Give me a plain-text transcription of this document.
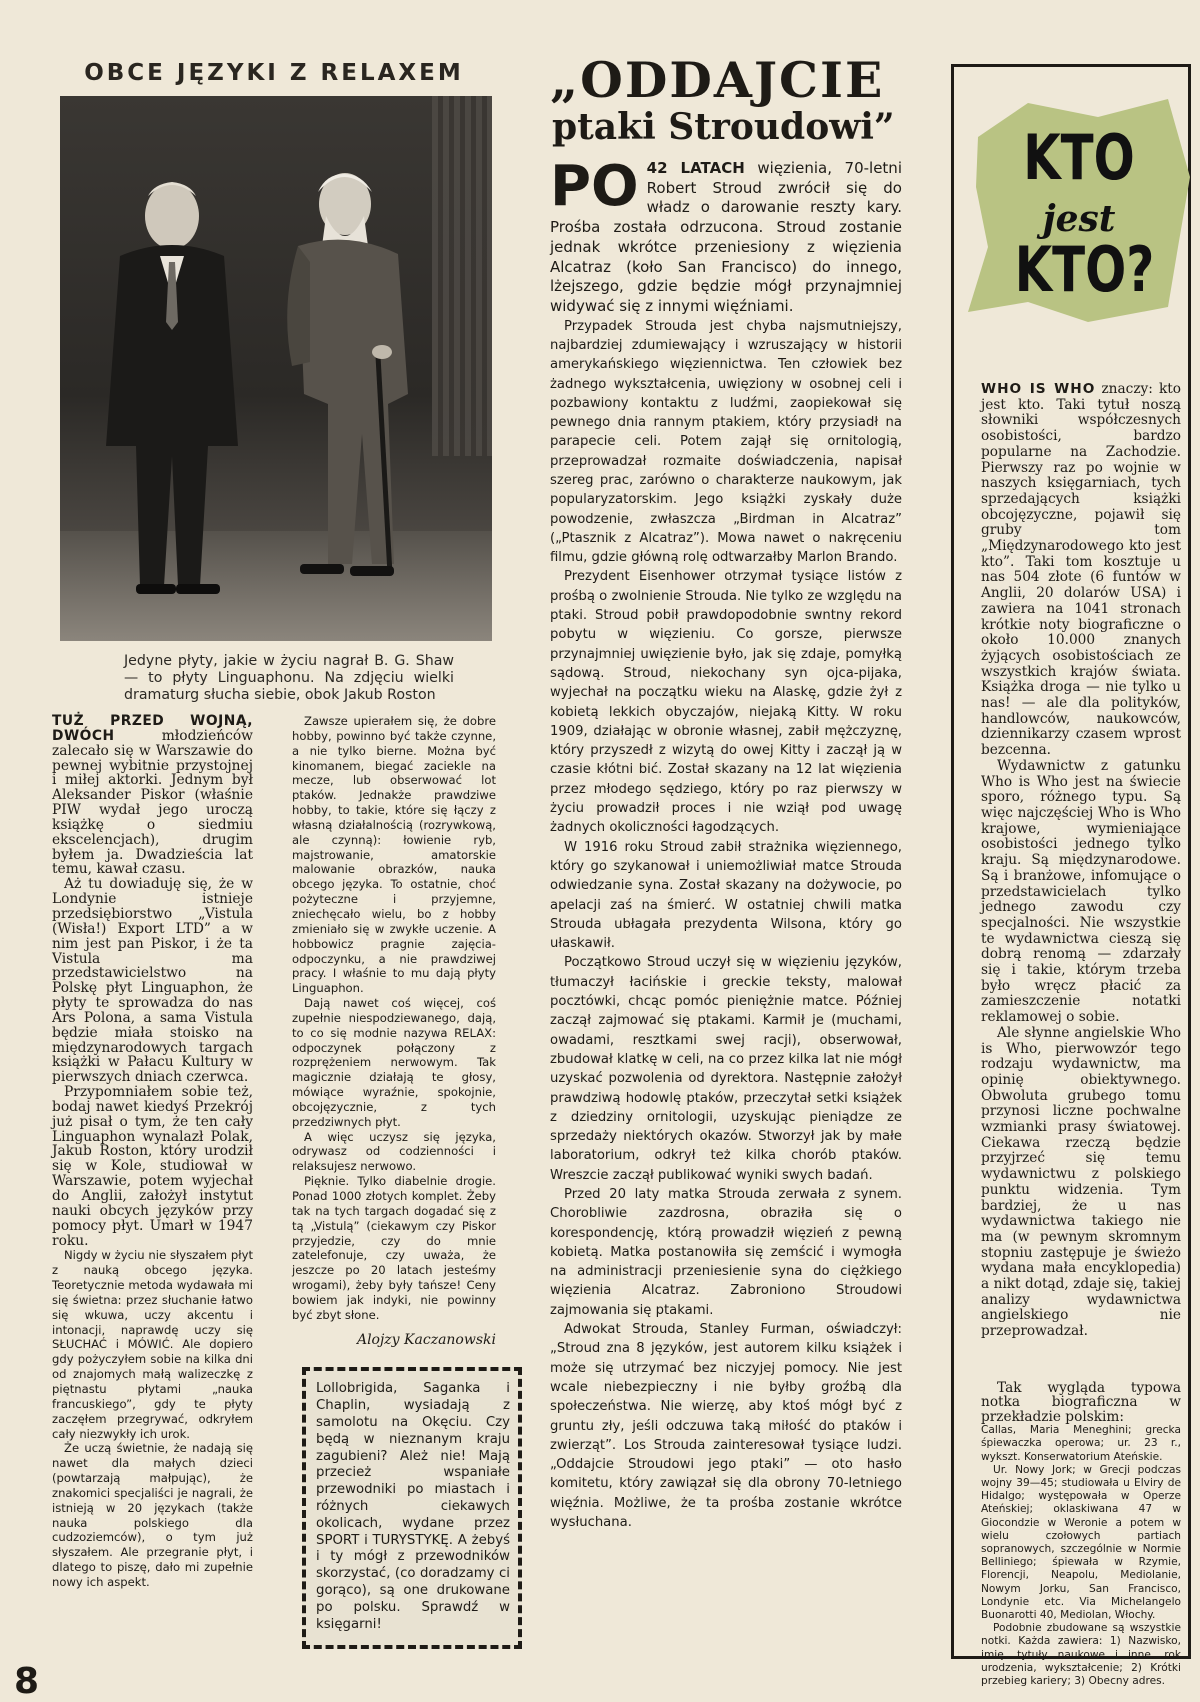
OBCE JĘZYKI Z RELAXEM
Jedyne płyty, jakie w życiu nagrał B. G. Shaw — to płyty Linguaphonu. Na zdjęciu wielki dramaturg słucha siebie, obok Jakub Roston

TUŻ PRZED WOJNĄ, DWÓCH	młodzieńców zalecało się w Warszawie do pewnej wybitnie przystojnej i miłej aktorki. Jednym był Aleksander Piskor (właśnie PIW wydał jego uroczą książkę o siedmiu ekscelencjach), drugim byłem ja. Dwadzieścia lat temu, kawał czasu.

Aż tu dowiaduję się, że w Londynie istnieje przedsiębiorstwo „Vistula (Wisła!) Export LTD” a w nim jest pan Piskor, i że ta Vistula ma przedstawicielstwo na Polskę płyt Linguaphon, że płyty te sprowadza do nas Ars Polona, a sama Vistula będzie miała stoisko na międzynarodowych targach książki w Pałacu Kultury w pierwszych dniach czerwca.

Przypomniałem sobie też, bodaj nawet kiedyś Przekrój już pisał o tym, że ten cały Linguaphon wynalazł Polak, Jakub Roston, który urodził się w Kole, studiował w Warszawie, potem wyjechał do Anglii, założył instytut nauki obcych języków przy pomocy płyt. Umarł w 1947 roku.

Nigdy w życiu nie słyszałem płyt z nauką obcego języka. Teoretycznie metoda wydawała mi się świetna: przez słuchanie łatwo się wkuwa, uczy akcentu i intonacji, naprawdę uczy się SŁUCHAĆ i MÓWIĆ. Ale dopiero gdy pożyczyłem sobie na kilka dni od znajomych małą walizeczkę z piętnastu płytami „nauka francuskiego”, gdy te płyty zaczęłem przegrywać, odkryłem cały niezwykły ich urok.

Że uczą świetnie, że nadają się nawet dla małych dzieci (powtarzają małpując), że znakomici specjaliści je nagrali, że istnieją w 20 językach (także nauka polskiego dla cudzoziemców), o tym już słyszałem. Ale przegranie płyt, i dlatego to piszę, dało mi zupełnie nowy ich aspekt.

Zawsze upierałem się, że dobre hobby, powinno być także czynne, a nie tylko bierne. Można być kinomanem, biegać zaciekle na mecze, lub obserwować lot ptaków. Jednakże prawdziwe hobby, to takie, które się łączy z własną działalnością (rozrywkową, ale czynną): łowienie ryb, majstrowanie, amatorskie malowanie obrazków, nauka obcego języka. To ostatnie, choć pożyteczne i przyjemne, zniechęcało wielu, bo z hobby zmieniało się w zwykłe uczenie. A hobbowicz pragnie zajęcia-odpoczynku, a nie prawdziwej pracy. I właśnie to mu dają płyty Linguaphon.

Dają nawet coś więcej, coś zupełnie niespodziewanego, dają, to co się modnie nazywa RELAX: odpoczynek połączony z rozprężeniem nerwowym. Tak magicznie działają te głosy, mówiące wyraźnie, spokojnie, obcojęzycznie, z tych przedziwnych płyt.

A więc uczysz się języka, odrywasz od codzienności i relaksujesz nerwowo.

Pięknie. Tylko diabelnie drogie. Ponad 1000 złotych komplet. Żeby tak na tych targach dogadać się z tą „Vistulą” (ciekawym czy Piskor przyjedzie, czy do mnie zatelefonuje, czy uważa, że jeszcze po 20 latach jesteśmy wrogami), żeby były tańsze! Ceny bowiem jak indyki, nie powinny być zbyt słone.

Alojzy Kaczanowski
Lollobrigida, Saganka i Chaplin, wysiadają z samolotu na Okęciu. Czy będą w nieznanym kraju zagubieni? Ależ nie! Mają przecież wspaniałe przewodniki po miastach i różnych ciekawych okolicach, wydane przez SPORT i TURYSTYKĘ. A żebyś i ty mógł z przewodników skorzystać, (co doradzamy ci gorąco), są one drukowane po polsku. Sprawdź w księgarni!
„ODDAJCIE
ptaki Stroudowi”

PO 42 LATACH więzienia, 70-letni Robert Stroud zwrócił się do władz o darowanie reszty kary. Prośba została odrzucona. Stroud zostanie jednak wkrótce przeniesiony z więzienia Alcatraz (koło San Francisco) do innego, lżejszego, gdzie będzie mógł przynajmniej widywać się z innymi więźniami.

Przypadek Strouda jest chyba najsmutniejszy, najbardziej zdumiewający i wzruszający w historii amerykańskiego więziennictwa. Ten człowiek bez żadnego wykształcenia, uwięziony w osobnej celi i pozbawiony kontaktu z ludźmi, zaopiekował się pewnego dnia rannym ptakiem, który przysiadł na parapecie celi. Potem zajął się ornitologią, przeprowadzał rozmaite doświadczenia, napisał szereg prac, zarówno o charakterze naukowym, jak popularyzatorskim. Jego książki zyskały duże powodzenie, zwłaszcza „Birdman in Alcatraz” („Ptasznik z Alcatraz”). Mowa nawet o nakręceniu filmu, gdzie główną rolę odtwarzałby Marlon Brando.

Prezydent Eisenhower otrzymał tysiące listów z prośbą o zwolnienie Strouda. Nie tylko ze względu na ptaki. Stroud pobił prawdopodobnie swntny rekord pobytu w więzieniu. Co gorsze, pierwsze przynajmniej uwięzienie było, jak się zdaje, pomyłką sądową. Stroud, niekochany syn ojca-pijaka, wyjechał na początku wieku na Alaskę, gdzie żył z kobietą lekkich obyczajów, niejaką Kitty. W roku 1909, działając w obronie własnej, zabił mężczyznę, który przyszedł z wizytą do owej Kitty i zaczął ją w czasie kłótni bić. Został skazany na 12 lat więzienia przez młodego sędziego, który po raz pierwszy w życiu prowadził proces i nie wziął pod uwagę żadnych okoliczności łagodzących.

W 1916 roku Stroud zabił strażnika więziennego, który go szykanował i uniemożliwiał matce Strouda odwiedzanie syna. Został skazany na dożywocie, po apelacji zaś na śmierć. W ostatniej chwili matka Strouda ubłagała prezydenta Wilsona, który go ułaskawił.

Początkowo Stroud uczył się w więzieniu języków, tłumaczył łacińskie i greckie teksty, malował pocztówki, chcąc pomóc pieniężnie matce. Później zaczął zajmować się ptakami. Karmił je (muchami, owadami, resztkami swej racji), obserwował, zbudował klatkę w celi, na co przez kilka lat nie mógł uzyskać pozwolenia od dyrektora. Następnie założył prawdziwą hodowlę ptaków, przeczytał setki książek z dziedziny ornitologii, uzyskując pieniądze ze sprzedaży niektórych okazów. Stworzył jak by małe laboratorium, odkrył też kilka chorób ptaków. Wreszcie zaczął publikować wyniki swych badań.

Przed 20 laty matka Strouda zerwała z synem. Chorobliwie zazdrosna, obraziła się o korespondencję, którą prowadził więzień z pewną kobietą. Matka postanowiła się zemścić i wymogła na administracji przeniesienie syna do ciężkiego więzienia Alcatraz. Zabroniono Stroudowi zajmowania się ptakami.

Adwokat Strouda, Stanley Furman, oświadczył: „Stroud zna 8 języków, jest autorem kilku książek i może się utrzymać bez niczyjej pomocy. Nie jest wcale niebezpieczny i nie byłby groźbą dla społeczeństwa. Nie wierzę, aby ktoś mógł być z gruntu zły, jeśli odczuwa taką miłość do ptaków i zwierząt”. Los Strouda zainteresował tysiące ludzi. „Oddajcie Stroudowi jego ptaki” — oto hasło komitetu, który zawiązał się dla obrony 70-letniego więźnia. Możliwe, że ta prośba zostanie wkrótce wysłuchana.

KTO
jest
KTO?

WHO IS WHO znaczy: kto jest kto. Taki tytuł noszą słowniki współczesnych osobistości, bardzo popularne na Zachodzie. Pierwszy raz po wojnie w naszych księgarniach, tych sprzedających książki obcojęzyczne, pojawił się gruby tom „Międzynarodowego kto jest kto”. Taki tom kosztuje u nas 504 złote (6 funtów w Anglii, 20 dolarów USA) i zawiera na 1041 stronach krótkie noty biograficzne o około 10.000 znanych żyjących osobistościach ze wszystkich krajów świata. Książka droga — nie tylko u nas! — ale dla polityków, handlowców, naukowców, dziennikarzy czasem wprost bezcenna.

Wydawnictw z gatunku Who is Who jest na świecie sporo, różnego typu. Są więc najczęściej Who is Who krajowe, wymieniające osobistości jednego tylko kraju. Są międzynarodowe. Są i branżowe, infomujące o przedstawicielach tylko jednego zawodu czy specjalności. Nie wszystkie te wydawnictwa cieszą się dobrą renomą — zdarzały się i takie, którym trzeba było wręcz płacić za zamieszczenie notatki reklamowej o sobie.

Ale słynne angielskie Who is Who, pierwowzór tego rodzaju wydawnictw, ma opinię obiektywnego. Obwoluta grubego tomu przynosi liczne pochwalne wzmianki prasy światowej. Ciekawa rzeczą będzie przyjrzeć się temu wydawnictwu z polskiego punktu widzenia. Tym bardziej, że u nas wydawnictwa takiego nie ma (w pewnym skromnym stopniu zastępuje je świeżo wydana mała encyklopedia) a nikt dotąd, zdaje się, takiej analizy wydawnictwa angielskiego nie przeprowadzał.

Tak wygląda typowa notka biograficzna w przekładzie polskim:

Callas, Maria Meneghini; grecka śpiewaczka operowa; ur. 23 r., wykszt. Konserwatorium Ateńskie.

Ur. Nowy Jork; w Grecji podczas wojny 39—45; studiowała u Elviry de Hidalgo; występowała w Operze Ateńskiej; oklaskiwana 47 w Giocondzie w Weronie a potem w wielu czołowych partiach sopranowych, szczególnie w Normie Belliniego; śpiewała w Rzymie, Florencji, Neapolu, Mediolanie, Nowym Jorku, San Francisco, Londynie etc. Via Michelangelo Buonarotti 40, Mediolan, Włochy.

Podobnie zbudowane są wszystkie notki. Każda zawiera: 1) Nazwisko, imię, tytuły naukowe i inne, rok urodzenia, wykształcenie; 2) Krótki przebieg kariery; 3) Obecny adres.

8
